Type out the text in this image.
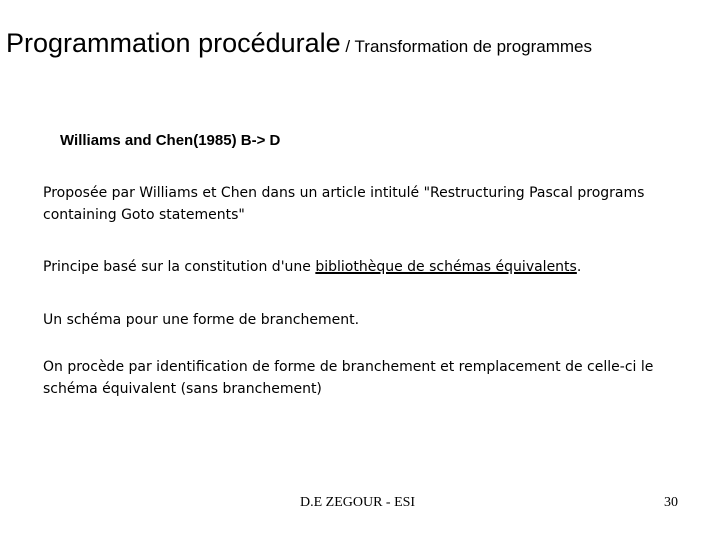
Programmation procédurale / Transformation de programmes
Williams and Chen(1985) B-> D
Proposée par Williams et Chen dans un article intitulé "Restructuring Pascal programs containing Goto statements"
Principe basé sur la constitution d'une bibliothèque de schémas équivalents.
Un schéma pour une forme de branchement.
On procède par identification de forme de branchement et remplacement de celle-ci le schéma équivalent (sans branchement)
D.E ZEGOUR - ESI	30
